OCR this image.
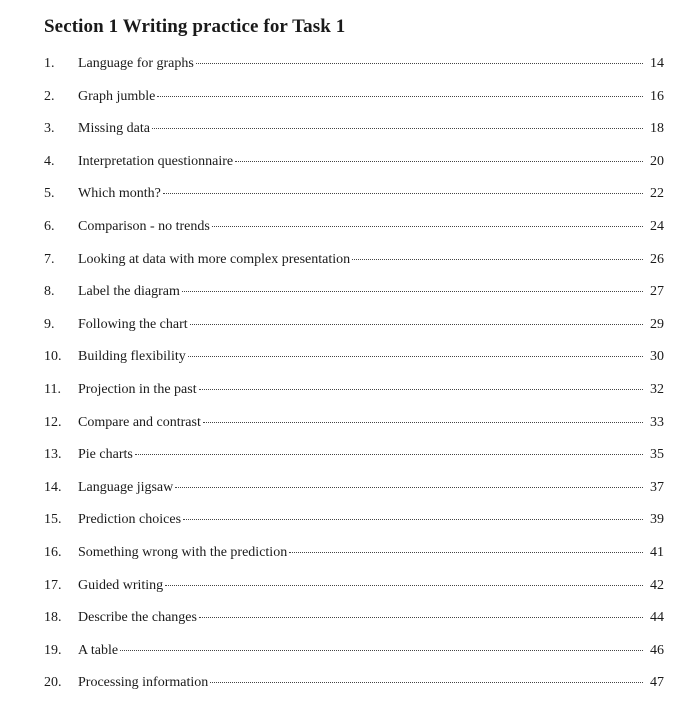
Section 1 Writing practice for Task 1
1.	Language for graphs	14
2.	Graph jumble	16
3.	Missing data	18
4.	Interpretation questionnaire	20
5.	Which month?	22
6.	Comparison - no trends	24
7.	Looking at data with more complex presentation	26
8.	Label the diagram	27
9.	Following the chart	29
10.	Building flexibility	30
11.	Projection in the past	32
12.	Compare and contrast	33
13.	Pie charts	35
14.	Language jigsaw	37
15.	Prediction choices	39
16.	Something wrong with the prediction	41
17.	Guided writing	42
18.	Describe the changes	44
19.	A table	46
20.	Processing information	47
